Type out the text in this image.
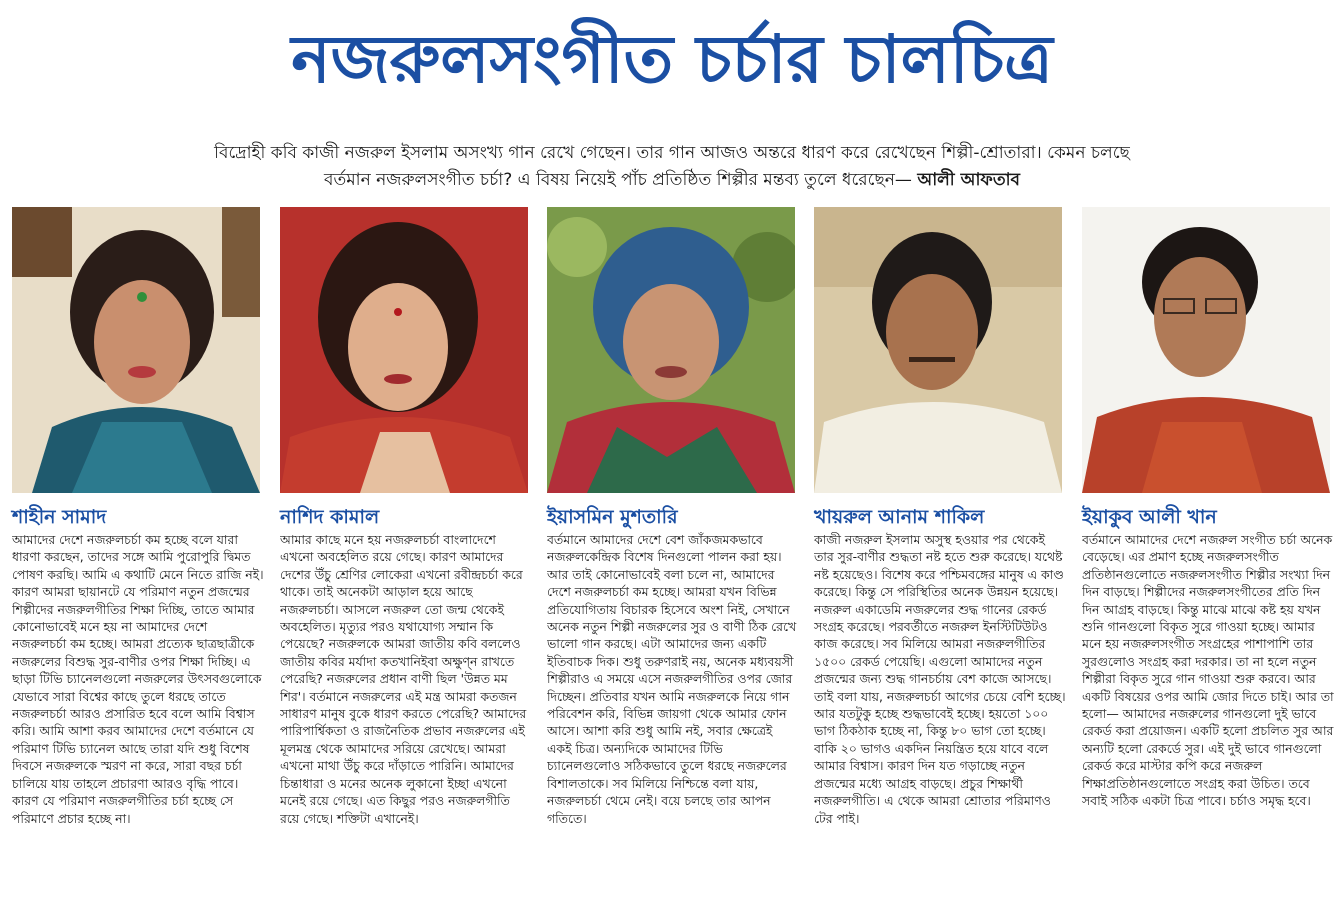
নজরুলসংগীত চর্চার চালচিত্র
বিদ্রোহী কবি কাজী নজরুল ইসলাম অসংখ্য গান রেখে গেছেন। তার গান আজও অন্তরে ধারণ করে রেখেছেন শিল্পী-শ্রোতারা। কেমন চলছে
বর্তমান নজরুলসংগীত চর্চা? এ বিষয় নিয়েই পাঁচ প্রতিষ্ঠিত শিল্পীর মন্তব্য তুলে ধরেছেন— আলী আফতাব
শাহীন সামাদ	নাশিদ কামাল	ইয়াসমিন মুশতারি	খায়রুল আনাম শাকিল	ইয়াকুব আলী খান
আমাদের দেশে নজরুলচর্চা কম হচ্ছে বলে যারা ধারণা করছেন, তাদের সঙ্গে আমি পুরোপুরি দ্বিমত পোষণ করছি। আমি এ কথাটি মেনে নিতে রাজি নই। কারণ আমরা ছায়ানটে যে পরিমাণ নতুন প্রজন্মের শিল্পীদের নজরুলগীতির শিক্ষা দিচ্ছি, তাতে আমার কোনোভাবেই মনে হয় না আমাদের দেশে নজরুলচর্চা কম হচ্ছে। আমরা প্রত্যেক ছাত্রছাত্রীকে নজরুলের বিশুদ্ধ সুর-বাণীর ওপর শিক্ষা দিচ্ছি। এ ছাড়া টিভি চ্যানেলগুলো নজরুলের উৎসবগুলোকে যেভাবে সারা বিশ্বের কাছে তুলে ধরছে তাতে নজরুলচর্চা আরও প্রসারিত হবে বলে আমি বিশ্বাস করি। আমি আশা করব আমাদের দেশে বর্তমানে যে পরিমাণ টিভি চ্যানেল আছে তারা যদি শুধু বিশেষ দিবসে নজরুলকে স্মরণ না করে, সারা বছর চর্চা চালিয়ে যায় তাহলে প্রচারণা আরও বৃদ্ধি পাবে। কারণ যে পরিমাণ নজরুলগীতির চর্চা হচ্ছে সে পরিমাণে প্রচার হচ্ছে না।
আমার কাছে মনে হয় নজরুলচর্চা বাংলাদেশে এখনো অবহেলিত রয়ে গেছে। কারণ আমাদের দেশের উঁচু শ্রেণির লোকেরা এখনো রবীন্দ্রচর্চা করে থাকে। তাই অনেকটা আড়াল হয়ে আছে নজরুলচর্চা। আসলে নজরুল তো জন্ম থেকেই অবহেলিত। মৃত্যুর পরও যথাযোগ্য সম্মান কি পেয়েছে? নজরুলকে আমরা জাতীয় কবি বললেও জাতীয় কবির মর্যাদা কতখানিইবা অক্ষুণ্ন রাখতে পেরেছি? নজরুলের প্রধান বাণী ছিল 'উন্নত মম শির'। বর্তমানে নজরুলের এই মন্ত্র আমরা কতজন সাধারণ মানুষ বুকে ধারণ করতে পেরেছি? আমাদের পারিপার্শ্বিকতা ও রাজনৈতিক প্রভাব নজরুলের এই মূলমন্ত্র থেকে আমাদের সরিয়ে রেখেছে। আমরা এখনো মাথা উঁচু করে দাঁড়াতে পারিনি। আমাদের চিন্তাধারা ও মনের অনেক লুকানো ইচ্ছা এখনো মনেই রয়ে গেছে। এত কিছুর পরও নজরুলগীতি রয়ে গেছে। শক্তিটা এখানেই।
বর্তমানে আমাদের দেশে বেশ জাঁকজমকভাবে নজরুলকেন্দ্রিক বিশেষ দিনগুলো পালন করা হয়। আর তাই কোনোভাবেই বলা চলে না, আমাদের দেশে নজরুলচর্চা কম হচ্ছে। আমরা যখন বিভিন্ন প্রতিযোগিতায় বিচারক হিসেবে অংশ নিই, সেখানে অনেক নতুন শিল্পী নজরুলের সুর ও বাণী ঠিক রেখে ভালো গান করছে। এটা আমাদের জন্য একটি ইতিবাচক দিক। শুধু তরুণরাই নয়, অনেক মধ্যবয়সী শিল্পীরাও এ সময়ে এসে নজরুলগীতির ওপর জোর দিচ্ছেন। প্রতিবার যখন আমি নজরুলকে নিয়ে গান পরিবেশন করি, বিভিন্ন জায়গা থেকে আমার ফোন আসে। আশা করি শুধু আমি নই, সবার ক্ষেত্রেই একই চিত্র। অন্যদিকে আমাদের টিভি চ্যানেলগুলোও সঠিকভাবে তুলে ধরছে নজরুলের বিশালতাকে। সব মিলিয়ে নিশ্চিন্তে বলা যায়, নজরুলচর্চা থেমে নেই। বয়ে চলছে তার আপন গতিতে।
কাজী নজরুল ইসলাম অসুস্থ হওয়ার পর থেকেই তার সুর-বাণীর শুদ্ধতা নষ্ট হতে শুরু করেছে। যথেষ্ট নষ্ট হয়েছেও। বিশেষ করে পশ্চিমবঙ্গের মানুষ এ কাণ্ড করেছে। কিন্তু সে পরিস্থিতির অনেক উন্নয়ন হয়েছে। নজরুল একাডেমি নজরুলের শুদ্ধ গানের রেকর্ড সংগ্রহ করেছে। পরবর্তীতে নজরুল ইনস্টিটিউটও কাজ করেছে। সব মিলিয়ে আমরা নজরুলগীতির ১৫০০ রেকর্ড পেয়েছি। এগুলো আমাদের নতুন প্রজন্মের জন্য শুদ্ধ গানচর্চায় বেশ কাজে আসছে। তাই বলা যায়, নজরুলচর্চা আগের চেয়ে বেশি হচ্ছে। আর যতটুকু হচ্ছে শুদ্ধভাবেই হচ্ছে। হয়তো ১০০ ভাগ ঠিকঠাক হচ্ছে না, কিন্তু ৮০ ভাগ তো হচ্ছে। বাকি ২০ ভাগও একদিন নিয়ন্ত্রিত হয়ে যাবে বলে আমার বিশ্বাস। কারণ দিন যত গড়াচ্ছে নতুন প্রজন্মের মধ্যে আগ্রহ বাড়ছে। প্রচুর শিক্ষার্থী নজরুলগীতি। এ থেকে আমরা শ্রোতার পরিমাণও টের পাই।
বর্তমানে আমাদের দেশে নজরুল সংগীত চর্চা অনেক বেড়েছে। এর প্রমাণ হচ্ছে নজরুলসংগীত প্রতিষ্ঠানগুলোতে নজরুলসংগীত শিল্পীর সংখ্যা দিন দিন বাড়ছে। শিল্পীদের নজরুলসংগীতের প্রতি দিন দিন আগ্রহ বাড়ছে। কিন্তু মাঝে মাঝে কষ্ট হয় যখন শুনি গানগুলো বিকৃত সুরে গাওয়া হচ্ছে। আমার মনে হয় নজরুলসংগীত সংগ্রহের পাশাপাশি তার সুরগুলোও সংগ্রহ করা দরকার। তা না হলে নতুন শিল্পীরা বিকৃত সুরে গান গাওয়া শুরু করবে। আর একটি বিষয়ের ওপর আমি জোর দিতে চাই। আর তা হলো— আমাদের নজরুলের গানগুলো দুই ভাবে রেকর্ড করা প্রয়োজন। একটি হলো প্রচলিত সুর আর অন্যটি হলো রেকর্ডে সুর। এই দুই ভাবে গানগুলো রেকর্ড করে মাস্টার কপি করে নজরুল শিক্ষাপ্রতিষ্ঠানগুলোতে সংগ্রহ করা উচিত। তবে সবাই সঠিক একটা চিত্র পাবে। চর্চাও সমৃদ্ধ হবে।
